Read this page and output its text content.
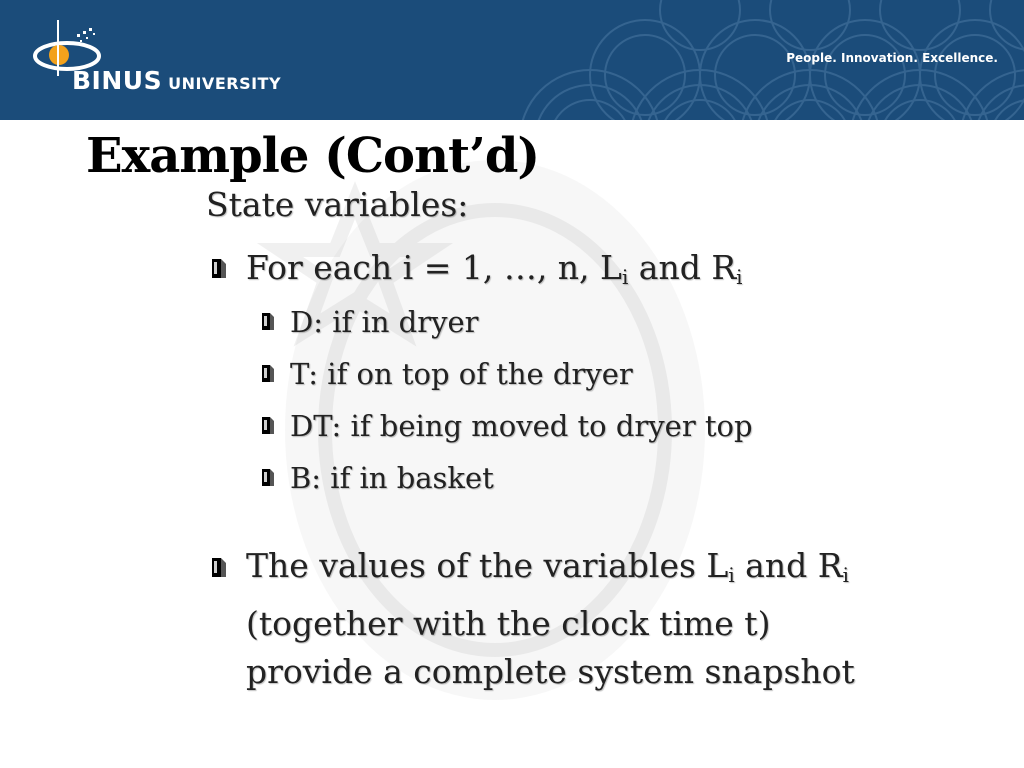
BINUS UNIVERSITY
People. Innovation. Excellence.
Example (Cont’d)
State variables:
For each i = 1, …, n, $L_i$ and $R_i$
D: if in dryer
T: if on top of the dryer
DT: if being moved to dryer top
B: if in basket
The values of the variables $L_i$ and $R_i$
(together with the clock time t)
provide a complete system snapshot
